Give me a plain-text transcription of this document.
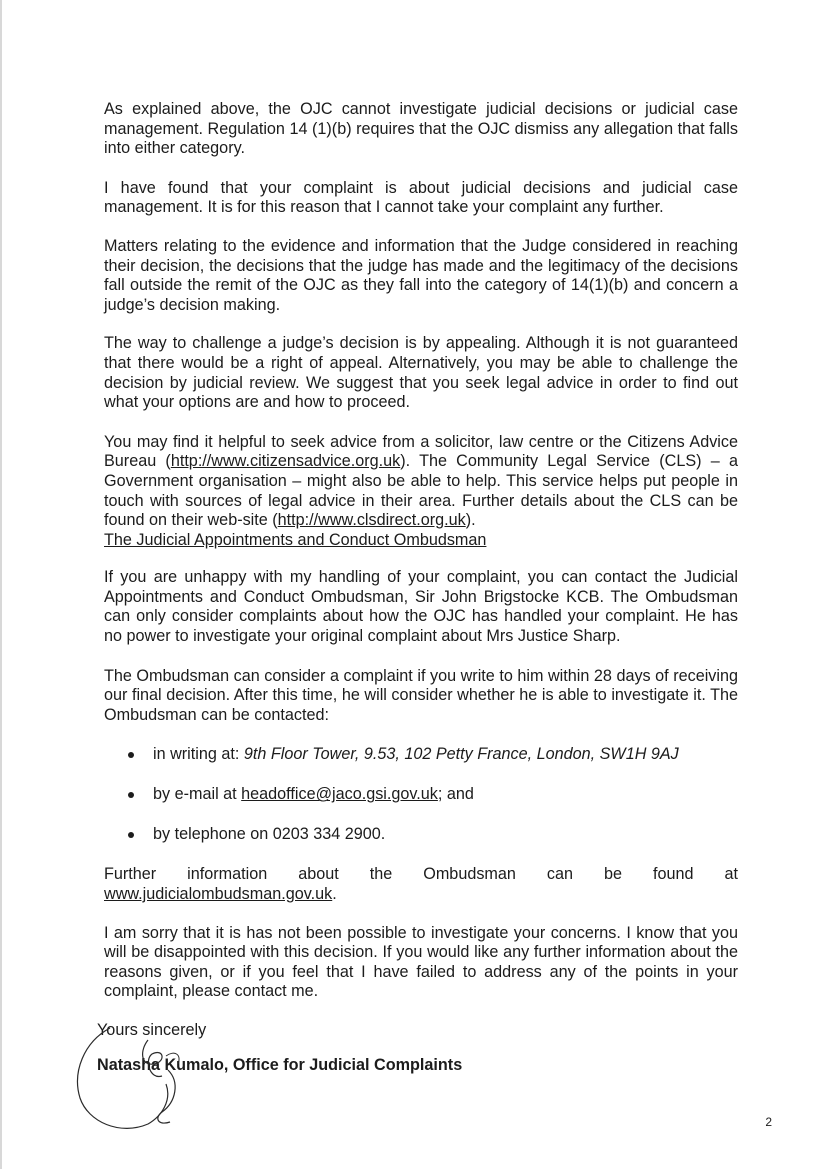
As explained above, the OJC cannot investigate judicial decisions or judicial case management. Regulation 14 (1)(b) requires that the OJC dismiss any allegation that falls into either category.

I have found that your complaint is about judicial decisions and judicial case management. It is for this reason that I cannot take your complaint any further.

Matters relating to the evidence and information that the Judge considered in reaching their decision, the decisions that the judge has made and the legitimacy of the decisions fall outside the remit of the OJC as they fall into the category of 14(1)(b) and concern a judge’s decision making.

The way to challenge a judge’s decision is by appealing. Although it is not guaranteed that there would be a right of appeal. Alternatively, you may be able to challenge the decision by judicial review. We suggest that you seek legal advice in order to find out what your options are and how to proceed.

You may find it helpful to seek advice from a solicitor, law centre or the Citizens Advice Bureau (http://www.citizensadvice.org.uk). The Community Legal Service (CLS) – a Government organisation – might also be able to help. This service helps put people in touch with sources of legal advice in their area. Further details about the CLS can be found on their web-site (http://www.clsdirect.org.uk).

The Judicial Appointments and Conduct Ombudsman

If you are unhappy with my handling of your complaint, you can contact the Judicial Appointments and Conduct Ombudsman, Sir John Brigstocke KCB. The Ombudsman can only consider complaints about how the OJC has handled your complaint. He has no power to investigate your original complaint about Mrs Justice Sharp.

The Ombudsman can consider a complaint if you write to him within 28 days of receiving our final decision. After this time, he will consider whether he is able to investigate it. The Ombudsman can be contacted:

in writing at: 9th Floor Tower, 9.53, 102 Petty France, London, SW1H 9AJ
by e-mail at headoffice@jaco.gsi.gov.uk; and
by telephone on 0203 334 2900.
Further information about the Ombudsman can be found at
www.judicialombudsman.gov.uk.

I am sorry that it is has not been possible to investigate your concerns. I know that you will be disappointed with this decision. If you would like any further information about the reasons given, or if you feel that I have failed to address any of the points in your complaint, please contact me.

Yours sincerely
Natasha Kumalo, Office for Judicial Complaints
2
